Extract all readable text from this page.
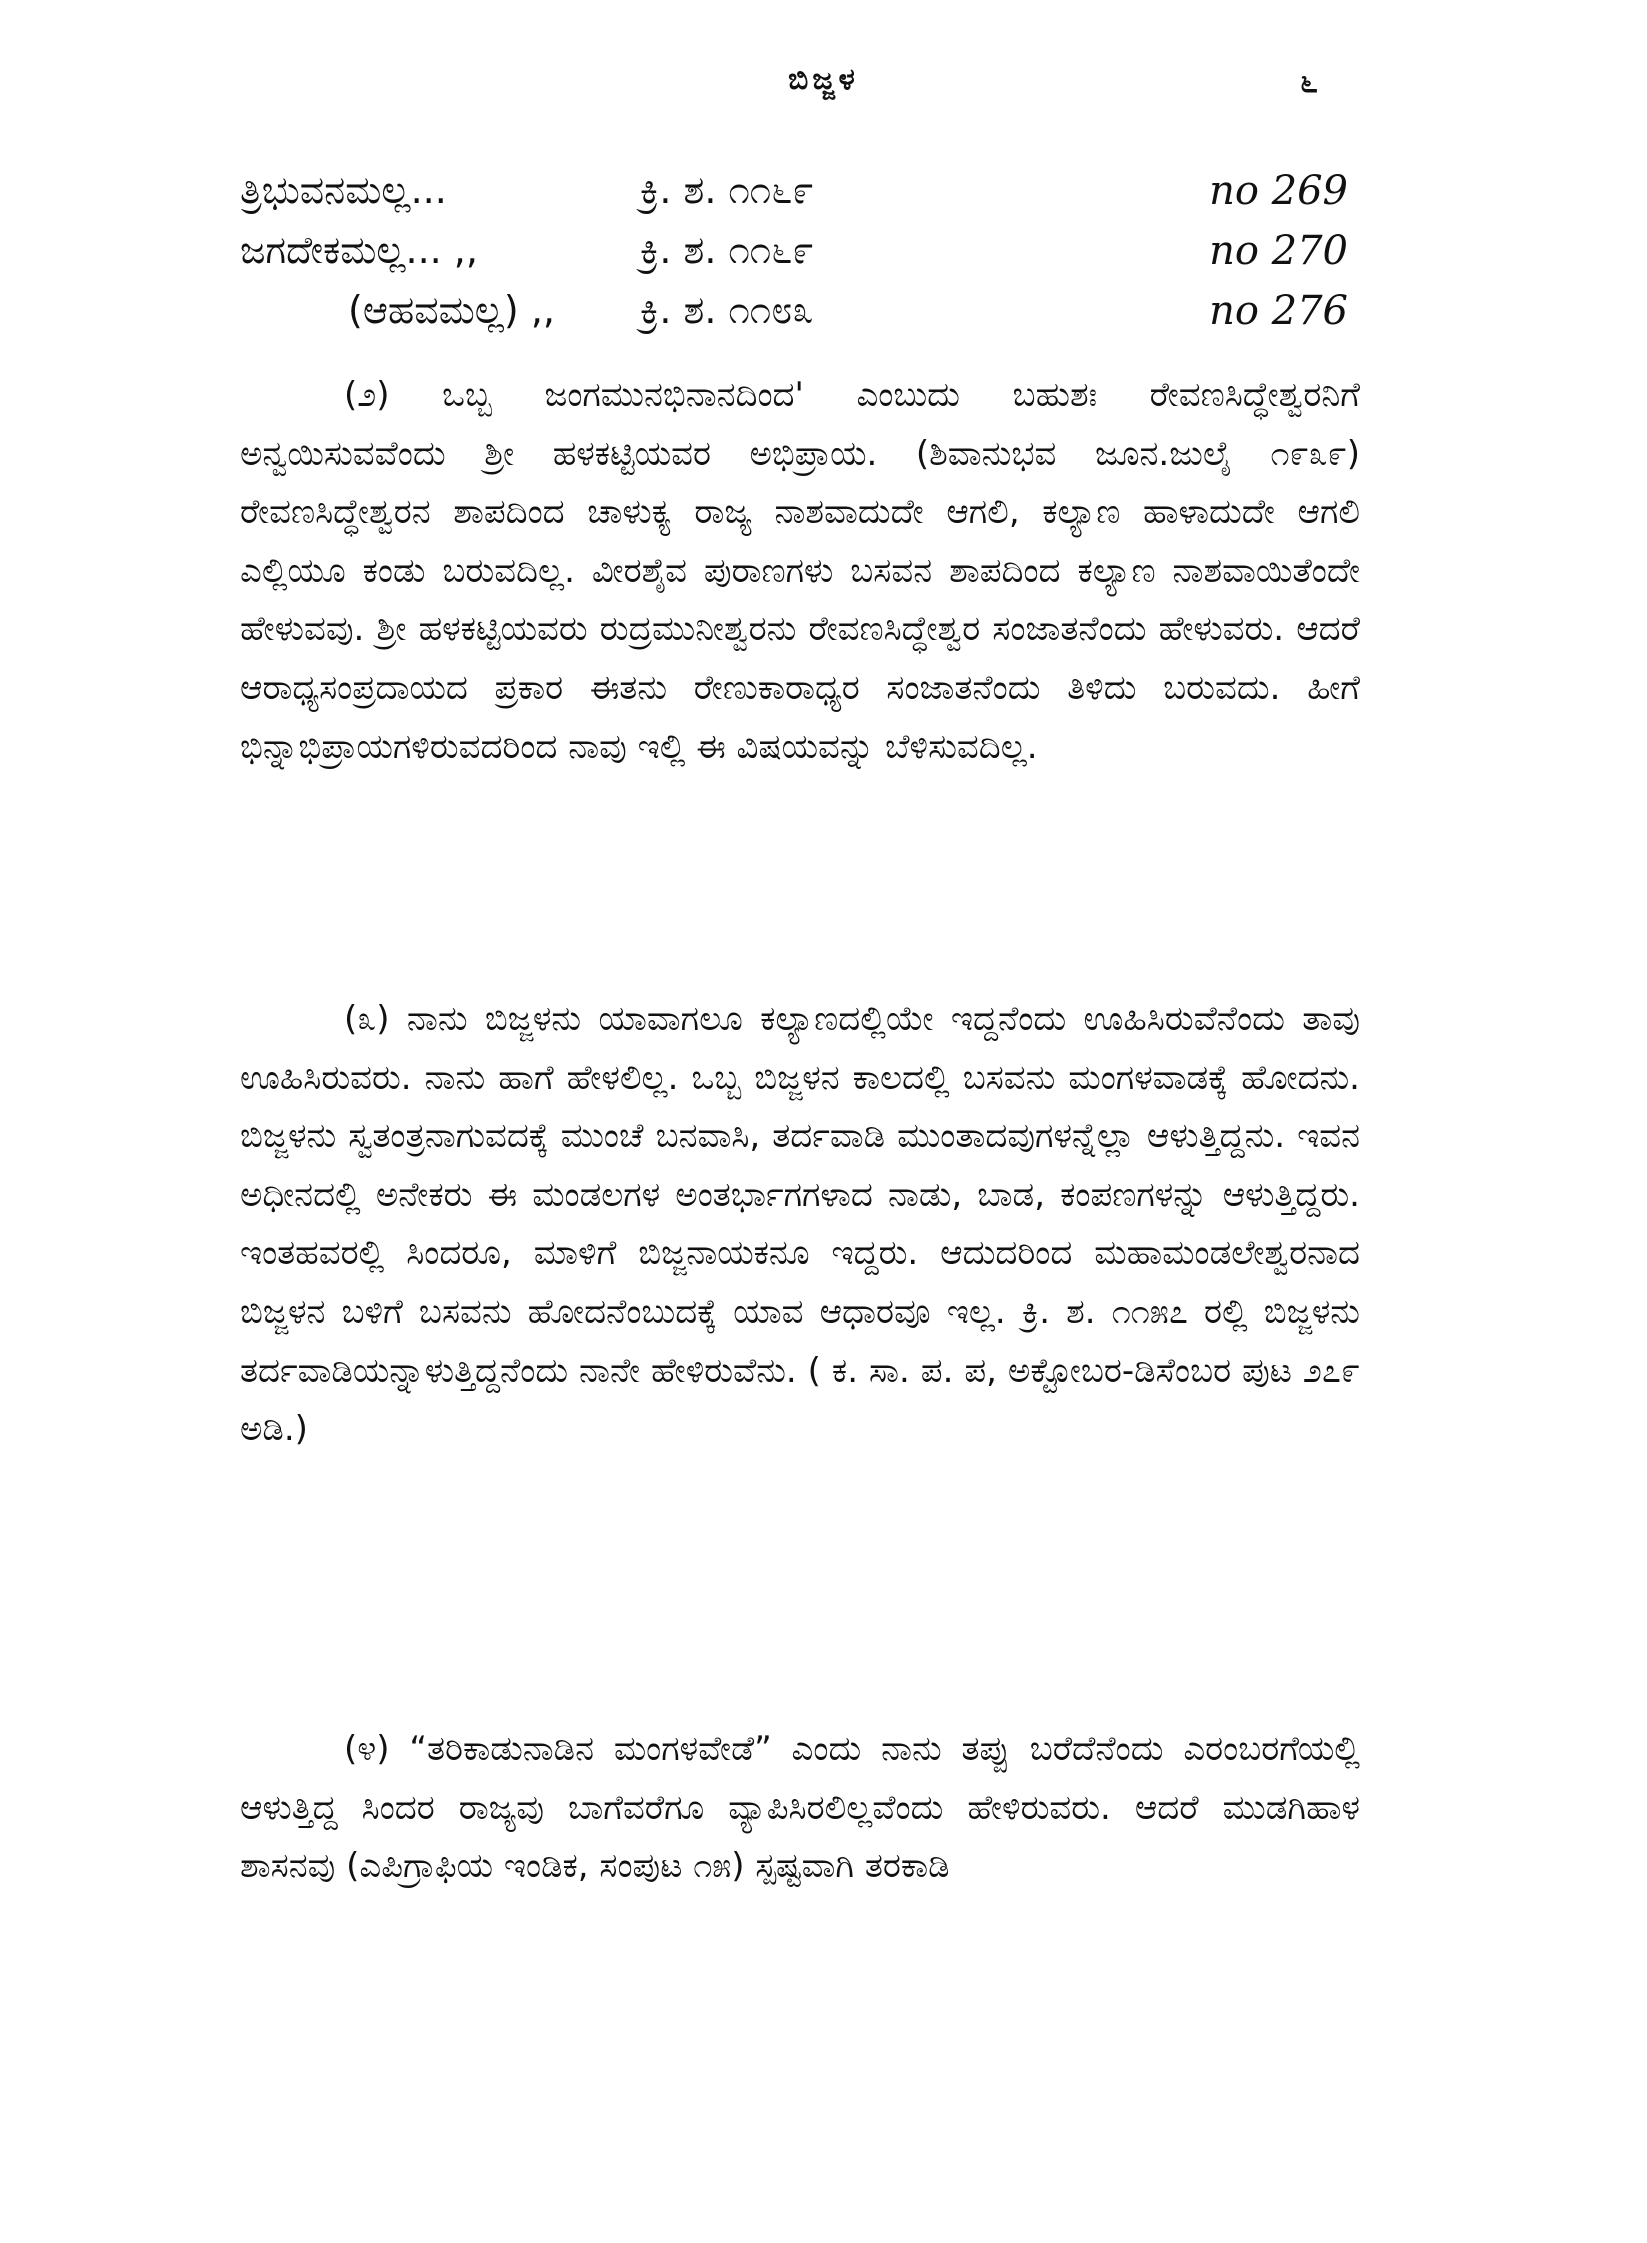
ಬಿಜ್ಜಳ	೬
ತ್ರಿಭುವನಮಲ್ಲ...	ಕ್ರಿ. ಶ. ೧೧೬೯	no 269
ಜಗದೇಕಮಲ್ಲ... ,,	ಕ್ರಿ. ಶ. ೧೧೬೯	no 270
(ಆಹವಮಲ್ಲ) ,, ಕ್ರಿ. ಶ. ೧೧೮೩	no 276

(೨) ಒಬ್ಬ ಜಂಗಮುನಭಿನಾನದಿಂದ' ಎಂಬುದು ಬಹುಶಃ ರೇವಣಸಿದ್ಧೇಶ್ವರನಿಗೆ ಅನ್ವಯಿಸುವವೆಂದು ಶ್ರೀ ಹಳಕಟ್ಟಿಯವರ ಅಭಿಪ್ರಾಯ. (ಶಿವಾನುಭವ ಜೂನ.ಜುಲೈ ೧೯೩೯) ರೇವಣಸಿದ್ಧೇಶ್ವರನ ಶಾಪದಿಂದ ಚಾಳುಕ್ಯ ರಾಜ್ಯ ನಾಶವಾದುದೇ ಆಗಲಿ, ಕಲ್ಯಾಣ ಹಾಳಾದುದೇ ಆಗಲಿ ಎಲ್ಲಿಯೂ ಕಂಡು ಬರುವದಿಲ್ಲ. ವೀರಶೈವ ಪುರಾಣಗಳು ಬಸವನ ಶಾಪದಿಂದ ಕಲ್ಯಾಣ ನಾಶವಾಯಿತೆಂದೇ ಹೇಳುವವು. ಶ್ರೀ ಹಳಕಟ್ಟಿಯವರು ರುದ್ರಮುನೀಶ್ವರನು ರೇವಣಸಿದ್ಧೇಶ್ವರ ಸಂಜಾತನೆಂದು ಹೇಳುವರು. ಆದರೆ ಆರಾಧ್ಯಸಂಪ್ರದಾಯದ ಪ್ರಕಾರ ಈತನು ರೇಣುಕಾರಾಧ್ಯರ ಸಂಜಾತನೆಂದು ತಿಳಿದು ಬರುವದು. ಹೀಗೆ ಭಿನ್ನಾಭಿಪ್ರಾಯಗಳಿರುವದರಿಂದ ನಾವು ಇಲ್ಲಿ ಈ ವಿಷಯವನ್ನು ಬೆಳಿಸುವದಿಲ್ಲ.

(೩) ನಾನು ಬಿಜ್ಜಳನು ಯಾವಾಗಲೂ ಕಲ್ಯಾಣದಲ್ಲಿಯೇ ಇದ್ದನೆಂದು ಊಹಿಸಿರುವೆನೆಂದು ತಾವು ಊಹಿಸಿರುವರು. ನಾನು ಹಾಗೆ ಹೇಳಲಿಲ್ಲ. ಒಬ್ಬ ಬಿಜ್ಜಳನ ಕಾಲದಲ್ಲಿ ಬಸವನು ಮಂಗಳವಾಡಕ್ಕೆ ಹೋದನು. ಬಿಜ್ಜಳನು ಸ್ವತಂತ್ರನಾಗುವದಕ್ಕೆ ಮುಂಚೆ ಬನವಾಸಿ, ತರ್ದವಾಡಿ ಮುಂತಾದವುಗಳನ್ನೆಲ್ಲಾ ಆಳುತ್ತಿದ್ದನು. ಇವನ ಅಧೀನದಲ್ಲಿ ಅನೇಕರು ಈ ಮಂಡಲಗಳ ಅಂತರ್ಭಾಗಗಳಾದ ನಾಡು, ಬಾಡ, ಕಂಪಣಗಳನ್ನು ಆಳುತ್ತಿದ್ದರು. ಇಂತಹವರಲ್ಲಿ ಸಿಂದರೂ, ಮಾಳಿಗೆ ಬಿಜ್ಜನಾಯಕನೂ ಇದ್ದರು. ಆದುದರಿಂದ ಮಹಾಮಂಡಲೇಶ್ವರನಾದ ಬಿಜ್ಜಳನ ಬಳಿಗೆ ಬಸವನು ಹೋದನೆಂಬುದಕ್ಕೆ ಯಾವ ಆಧಾರವೂ ಇಲ್ಲ. ಕ್ರಿ. ಶ. ೧೧೫೭ ರಲ್ಲಿ ಬಿಜ್ಜಳನು ತರ್ದವಾಡಿಯನ್ನಾಳುತ್ತಿದ್ದನೆಂದು ನಾನೇ ಹೇಳಿರುವೆನು. ( ಕ. ಸಾ. ಪ. ಪ, ಅಕ್ಟೋಬರ-ಡಿಸೆಂಬರ ಪುಟ ೨೭೯ ಅಡಿ.)

(೪) “ತರಿಕಾಡುನಾಡಿನ ಮಂಗಳವೇಡೆ” ಎಂದು ನಾನು ತಪ್ಪು ಬರೆದೆನೆಂದು ಎರಂಬರಗೆಯಲ್ಲಿ ಆಳುತ್ತಿದ್ದ ಸಿಂದರ ರಾಜ್ಯವು ಬಾಗೆವರೆಗೂ ವ್ಯಾಪಿಸಿರಲಿಲ್ಲವೆಂದು ಹೇಳಿರುವರು. ಆದರೆ ಮುಡಗಿಹಾಳ ಶಾಸನವು (ಎಪಿಗ್ರಾಫಿಯ ಇಂಡಿಕ, ಸಂಪುಟ ೧೫) ಸ್ಪಷ್ಟವಾಗಿ ತರಕಾಡಿ
